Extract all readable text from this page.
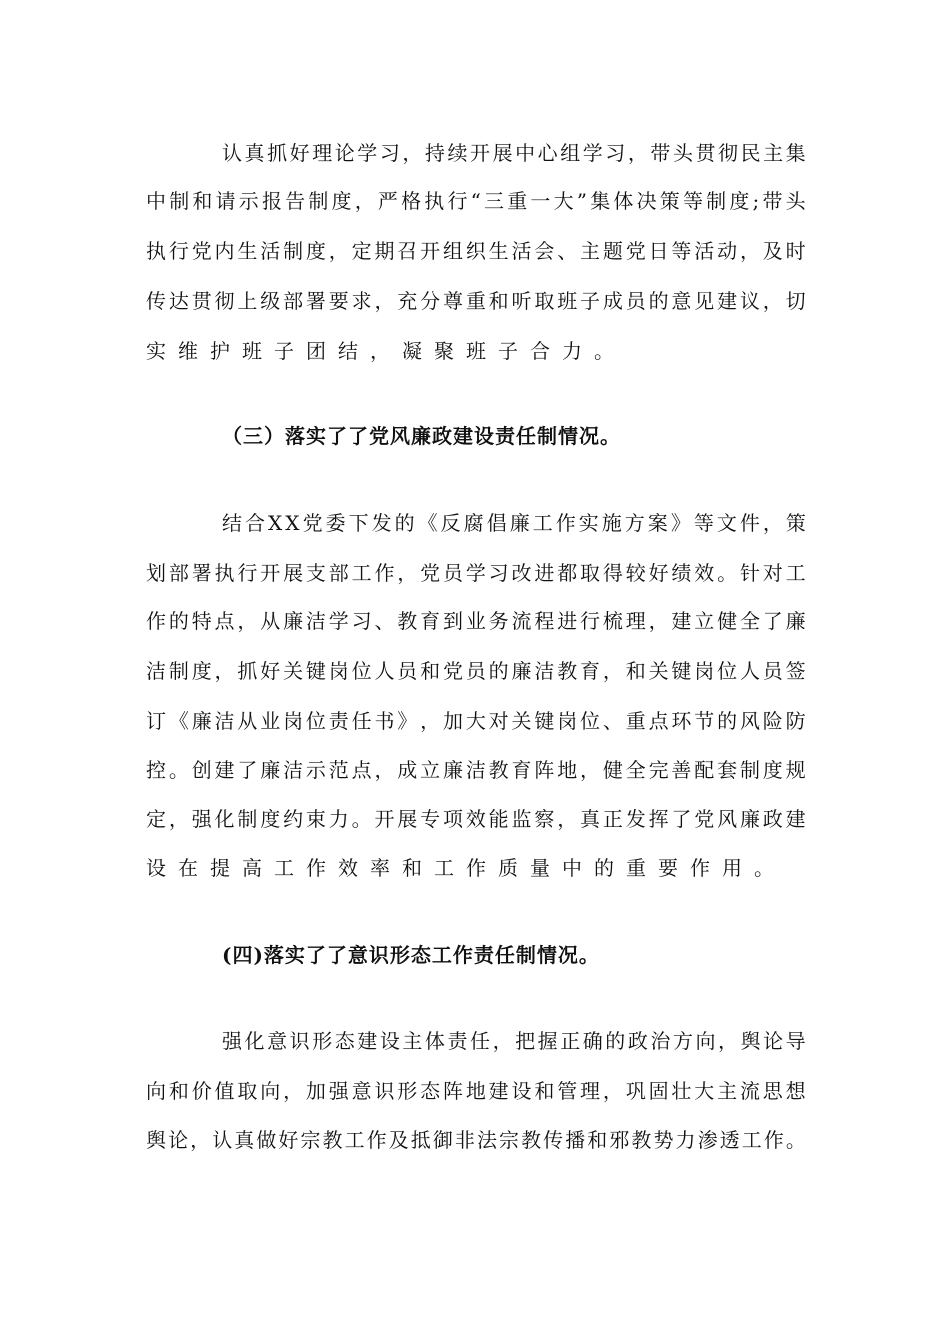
认 真 抓 好 理 论 学 习 ， 持 续 开 展 中 心 组 学 习 ， 带 头 贯 彻 民 主 集
中 制 和 请 示 报 告 制 度 ， 严 格 执 行 “ 三 重 一 大 ” 集 体 决 策 等 制 度 ; 带 头
执 行 党 内 生 活 制 度 ， 定 期 召 开 组 织 生 活 会 、 主 题 党 日 等 活 动 ， 及 时
传 达 贯 彻 上 级 部 署 要 求 ， 充 分 尊 重 和 听 取 班 子 成 员 的 意 见 建 议 ， 切
实维护班子团结，凝聚班子合力。
（三）落实了了党风廉政建设责任制情况。
结 合 X X 党 委 下 发 的 《 反 腐 倡 廉 工 作 实 施 方 案 》 等 文 件 ， 策
划 部 署 执 行 开 展 支 部 工 作 ， 党 员 学 习 改 进 都 取 得 较 好 绩 效 。 针 对 工
作 的 特 点 ， 从 廉 洁 学 习 、 教 育 到 业 务 流 程 进 行 梳 理 ， 建 立 健 全 了 廉
洁 制 度 ， 抓 好 关 键 岗 位 人 员 和 党 员 的 廉 洁 教 育 ， 和 关 键 岗 位 人 员 签
订 《 廉 洁 从 业 岗 位 责 任 书 》 ， 加 大 对 关 键 岗 位 、 重 点 环 节 的 风 险 防
控 。 创 建 了 廉 洁 示 范 点 ， 成 立 廉 洁 教 育 阵 地 ， 健 全 完 善 配 套 制 度 规
定 ， 强 化 制 度 约 束 力 。 开 展 专 项 效 能 监 察 ， 真 正 发 挥 了 党 风 廉 政 建
设在提高工作效率和工作质量中的重要作用。
(四)落实了了意识形态工作责任制情况。
强 化 意 识 形 态 建 设 主 体 责 任 ， 把 握 正 确 的 政 治 方 向 ， 舆 论 导
向 和 价 值 取 向 ， 加 强 意 识 形 态 阵 地 建 设 和 管 理 ， 巩 固 壮 大 主 流 思 想
舆 论 ， 认 真 做 好 宗 教 工 作 及 抵 御 非 法 宗 教 传 播 和 邪 教 势 力 渗 透 工 作 。
